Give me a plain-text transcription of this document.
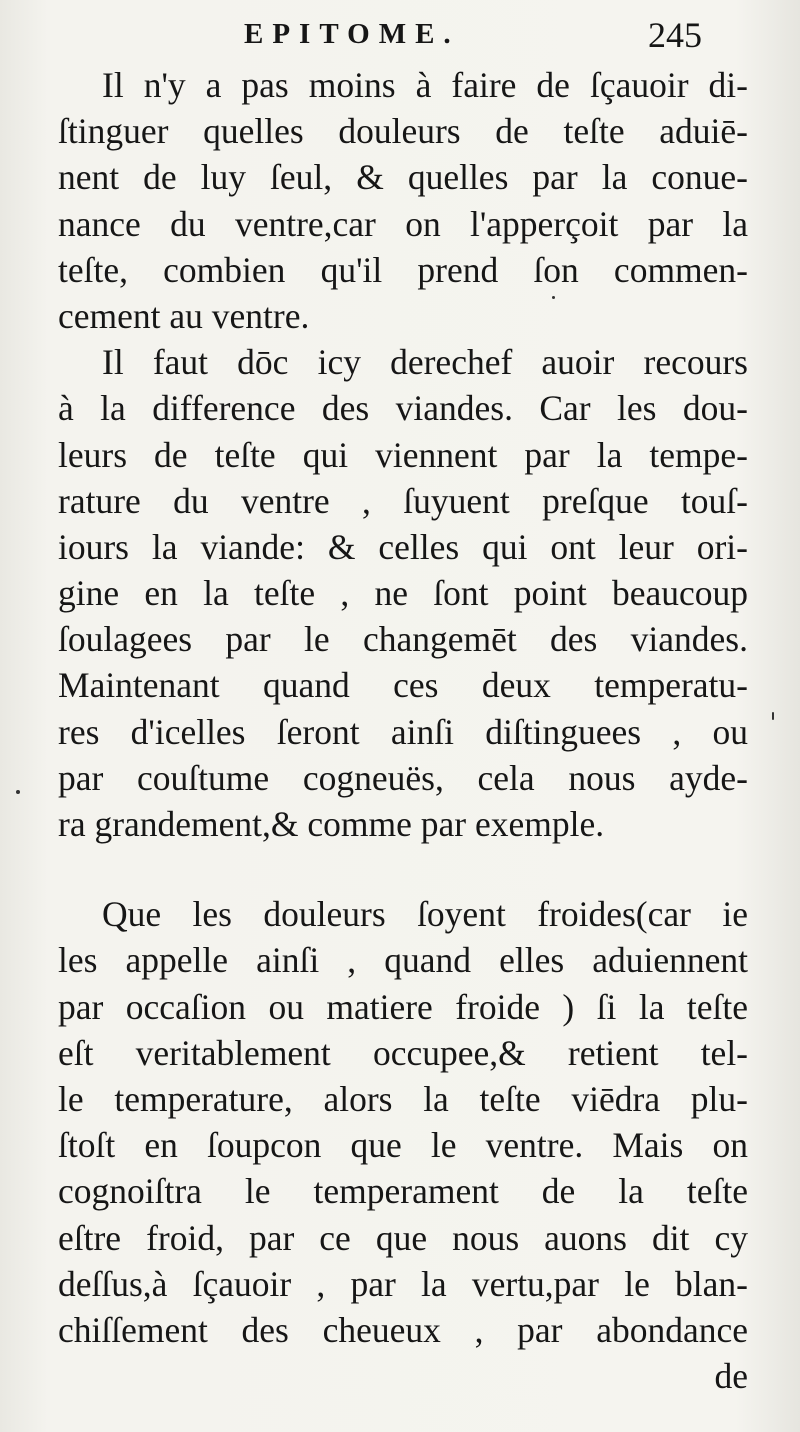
EPITOME.	245
Il n'y a pas moins à faire de ſçauoir di-
ſtinguer quelles douleurs de teſte aduiē-
nent de luy ſeul, & quelles par la conue-
nance du ventre,car on l'apperçoit par la
teſte, combien qu'il prend ſon commen-
cement au ventre.
Il faut dōc icy derechef auoir recours
à la difference des viandes. Car les dou-
leurs de teſte qui viennent par la tempe-
rature du ventre , ſuyuent preſque touſ-
iours la viande: & celles qui ont leur ori-
gine en la teſte , ne ſont point beaucoup
ſoulagees par le changemēt des viandes.
Maintenant quand ces deux temperatu-
res d'icelles ſeront ainſi diſtinguees , ou
par couſtume cogneuës, cela nous ayde-
ra grandement,& comme par exemple.
Que les douleurs ſoyent froides(car ie
les appelle ainſi , quand elles aduiennent
par occaſion ou matiere froide ) ſi la teſte
eſt veritablement occupee,& retient tel-
le temperature, alors la teſte viēdra plu-
ſtoſt en ſoupcon que le ventre. Mais on
cognoiſtra le temperament de la teſte
eſtre froid, par ce que nous auons dit cy
deſſus,à ſçauoir , par la vertu,par le blan-
chiſſement des cheueux , par abondance
de
